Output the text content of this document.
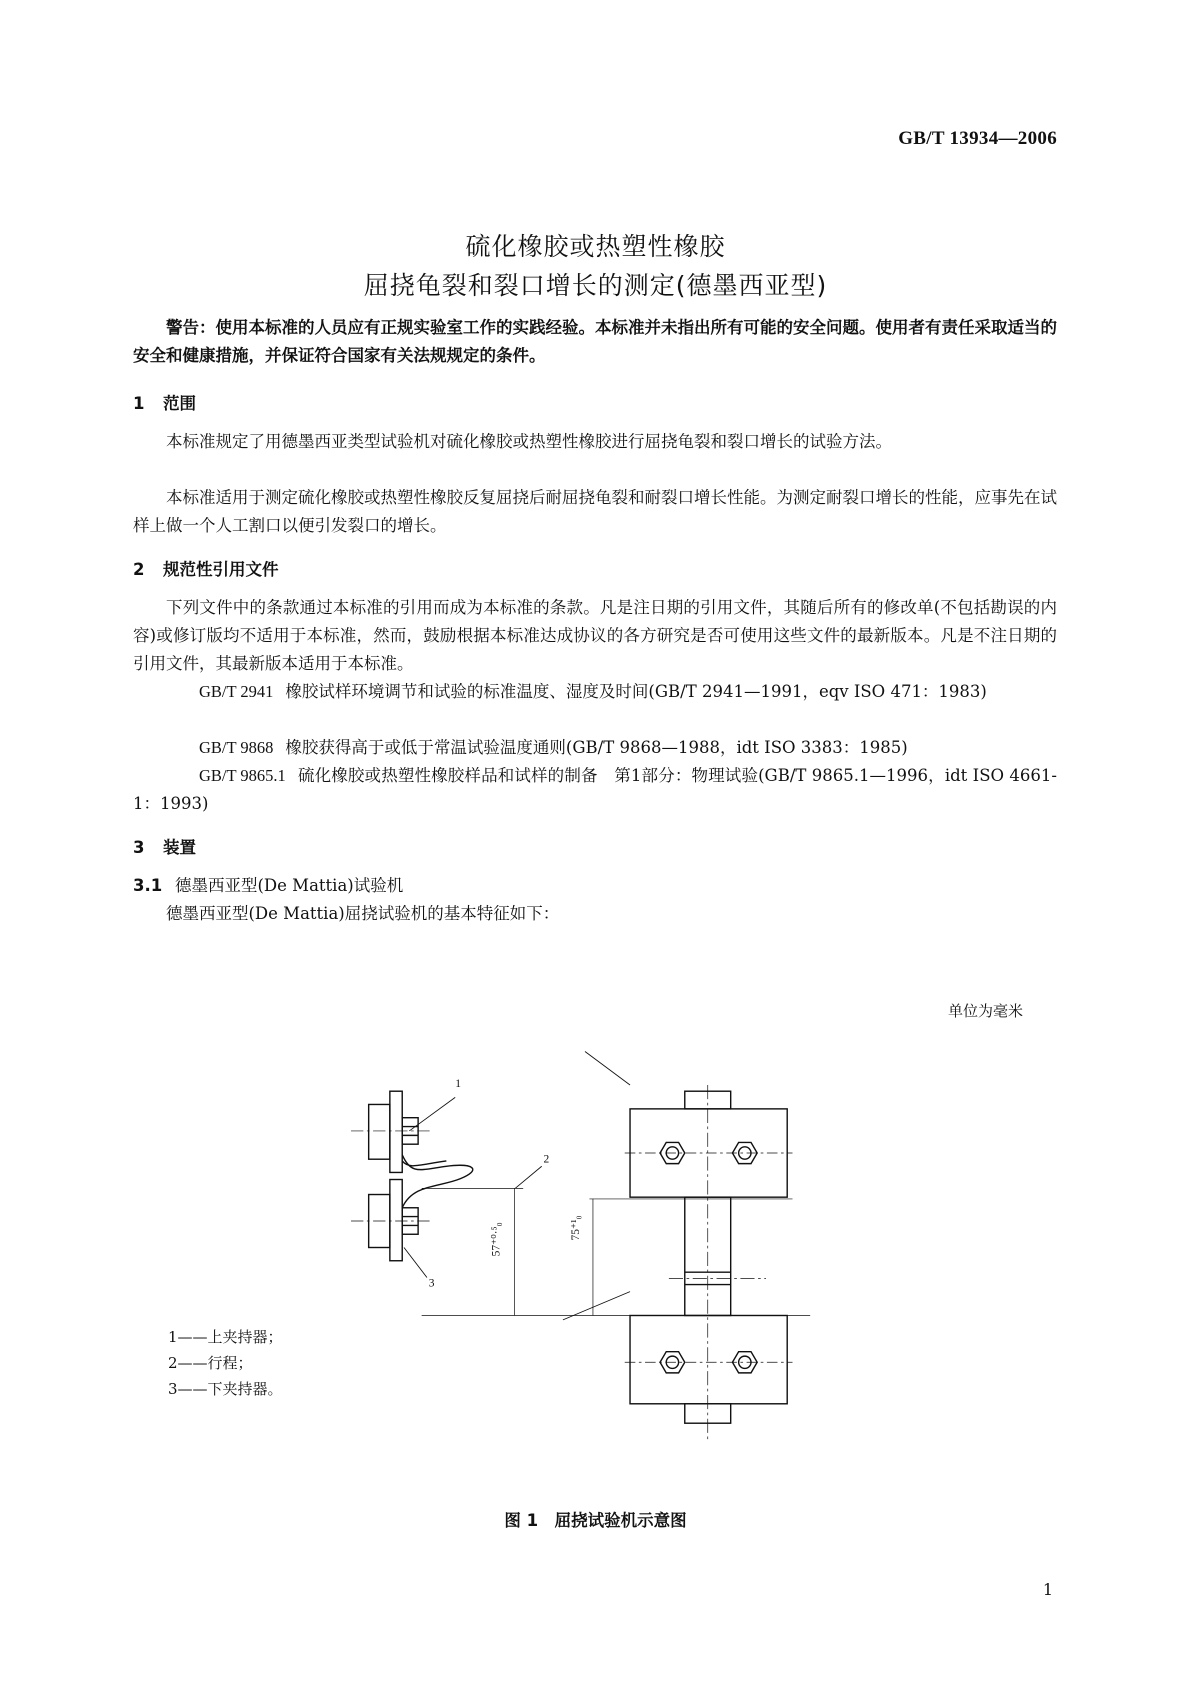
GB/T 13934—2006
硫化橡胶或热塑性橡胶
屈挠龟裂和裂口增长的测定(德墨西亚型)
警告：使用本标准的人员应有正规实验室工作的实践经验。本标准并未指出所有可能的安全问题。使用者有责任采取适当的安全和健康措施，并保证符合国家有关法规规定的条件。
1 范围
本标准规定了用德墨西亚类型试验机对硫化橡胶或热塑性橡胶进行屈挠龟裂和裂口增长的试验方法。
本标准适用于测定硫化橡胶或热塑性橡胶反复屈挠后耐屈挠龟裂和耐裂口增长性能。为测定耐裂口增长的性能，应事先在试样上做一个人工割口以便引发裂口的增长。
2 规范性引用文件
下列文件中的条款通过本标准的引用而成为本标准的条款。凡是注日期的引用文件，其随后所有的修改单(不包括勘误的内容)或修订版均不适用于本标准，然而，鼓励根据本标准达成协议的各方研究是否可使用这些文件的最新版本。凡是不注日期的引用文件，其最新版本适用于本标准。
GB/T 2941 橡胶试样环境调节和试验的标准温度、湿度及时间(GB/T 2941—1991，eqv ISO 471：1983)
GB/T 9868 橡胶获得高于或低于常温试验温度通则(GB/T 9868—1988，idt ISO 3383：1985)
GB/T 9865.1 硫化橡胶或热塑性橡胶样品和试样的制备　第1部分：物理试验(GB/T 9865.1—1996，idt ISO 4661-1：1993)
3 装置
3.1 德墨西亚型(De Mattia)试验机
德墨西亚型(De Mattia)屈挠试验机的基本特征如下：
单位为毫米
1
2
3
57⁺⁰·⁵₀	75⁺¹₀
1——上夹持器；
2——行程；
3——下夹持器。
图 1　屈挠试验机示意图
1
